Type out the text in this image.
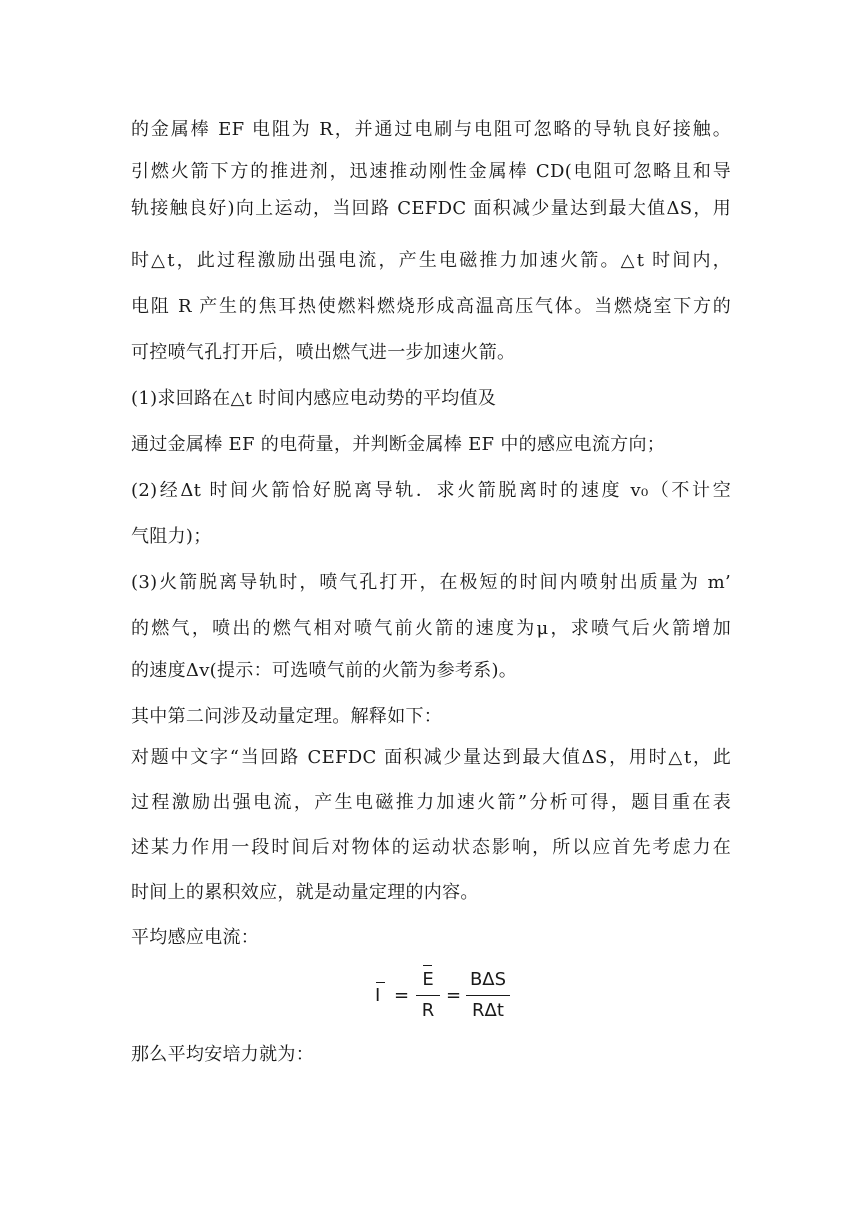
的金属棒 EF 电阻为 R，并通过电刷与电阻可忽略的导轨良好接触。
引燃火箭下方的推进剂，迅速推动刚性金属棒 CD(电阻可忽略且和导
轨接触良好)向上运动，当回路 CEFDC 面积减少量达到最大值ΔS，用
时△t，此过程激励出强电流，产生电磁推力加速火箭。△t 时间内，
电阻 R 产生的焦耳热使燃料燃烧形成高温高压气体。当燃烧室下方的
可控喷气孔打开后，喷出燃气进一步加速火箭。
(1)求回路在△t 时间内感应电动势的平均值及
通过金属棒 EF 的电荷量，并判断金属棒 EF 中的感应电流方向；
(2)经Δt 时间火箭恰好脱离导轨．求火箭脱离时的速度 v₀（不计空
气阻力)；
(3)火箭脱离导轨时，喷气孔打开，在极短的时间内喷射出质量为 m’
的燃气，喷出的燃气相对喷气前火箭的速度为μ，求喷气后火箭增加
的速度Δv(提示：可选喷气前的火箭为参考系)。
其中第二问涉及动量定理。解释如下：
对题中文字“当回路 CEFDC 面积减少量达到最大值ΔS，用时△t，此
过程激励出强电流，产生电磁推力加速火箭”分析可得，题目重在表
述某力作用一段时间后对物体的运动状态影响，所以应首先考虑力在
时间上的累积效应，就是动量定理的内容。
平均感应电流：
I =
E
R
=
BΔS
RΔt
那么平均安培力就为：
